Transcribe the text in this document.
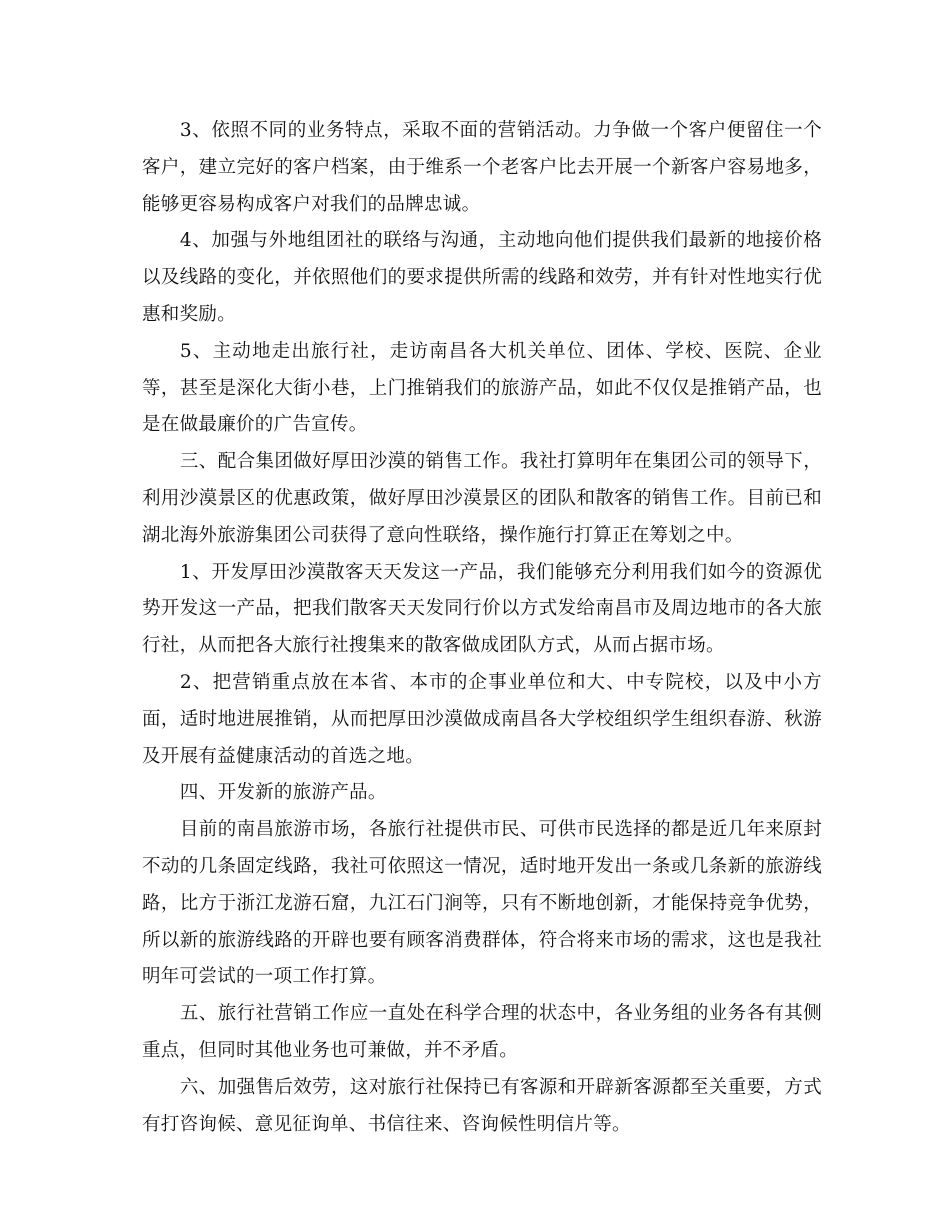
3、依照不同的业务特点，采取不面的营销活动。力争做一个客户便留住一个客户，建立完好的客户档案，由于维系一个老客户比去开展一个新客户容易地多，能够更容易构成客户对我们的品牌忠诚。

4、加强与外地组团社的联络与沟通，主动地向他们提供我们最新的地接价格以及线路的变化，并依照他们的要求提供所需的线路和效劳，并有针对性地实行优惠和奖励。

5、主动地走出旅行社，走访南昌各大机关单位、团体、学校、医院、企业等，甚至是深化大街小巷，上门推销我们的旅游产品，如此不仅仅是推销产品，也是在做最廉价的广告宣传。

三、配合集团做好厚田沙漠的销售工作。我社打算明年在集团公司的领导下，利用沙漠景区的优惠政策，做好厚田沙漠景区的团队和散客的销售工作。目前已和湖北海外旅游集团公司获得了意向性联络，操作施行打算正在筹划之中。

1、开发厚田沙漠散客天天发这一产品，我们能够充分利用我们如今的资源优势开发这一产品，把我们散客天天发同行价以方式发给南昌市及周边地市的各大旅行社，从而把各大旅行社搜集来的散客做成团队方式，从而占据市场。

2、把营销重点放在本省、本市的企事业单位和大、中专院校，以及中小方面，适时地进展推销，从而把厚田沙漠做成南昌各大学校组织学生组织春游、秋游及开展有益健康活动的首选之地。

四、开发新的旅游产品。

目前的南昌旅游市场，各旅行社提供市民、可供市民选择的都是近几年来原封不动的几条固定线路，我社可依照这一情况，适时地开发出一条或几条新的旅游线路，比方于浙江龙游石窟，九江石门涧等，只有不断地创新，才能保持竞争优势，所以新的旅游线路的开辟也要有顾客消费群体，符合将来市场的需求，这也是我社明年可尝试的一项工作打算。

五、旅行社营销工作应一直处在科学合理的状态中，各业务组的业务各有其侧重点，但同时其他业务也可兼做，并不矛盾。

六、加强售后效劳，这对旅行社保持已有客源和开辟新客源都至关重要，方式有打咨询候、意见征询单、书信往来、咨询候性明信片等。
